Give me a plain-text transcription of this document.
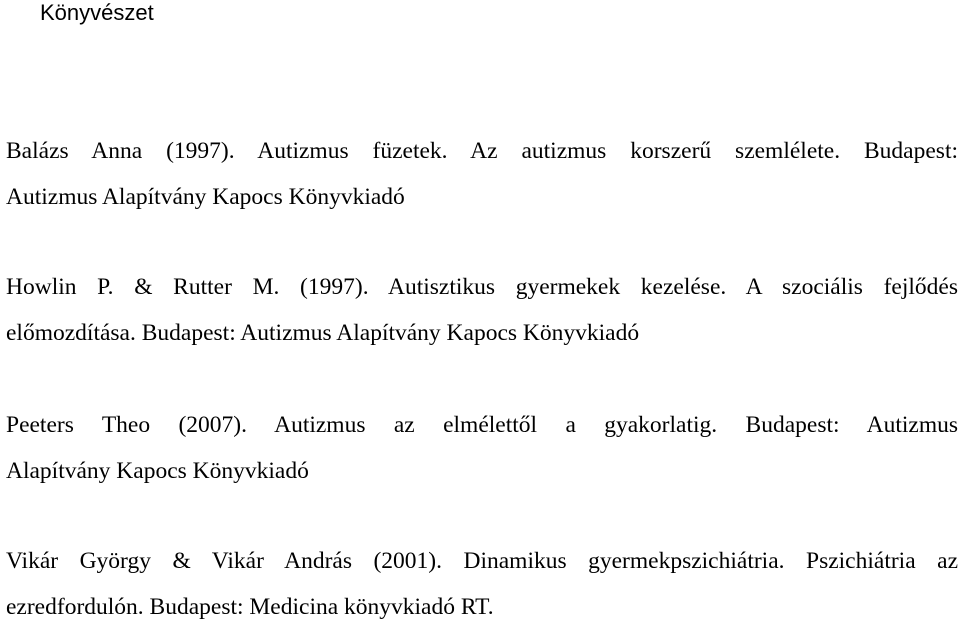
Könyvészet
Balázs Anna (1997). Autizmus füzetek. Az autizmus korszerű szemlélete. Budapest:
Autizmus Alapítvány Kapocs Könyvkiadó
Howlin P. & Rutter M. (1997). Autisztikus gyermekek kezelése. A szociális fejlődés
előmozdítása. Budapest: Autizmus Alapítvány Kapocs Könyvkiadó
Peeters Theo (2007). Autizmus az elmélettől a gyakorlatig. Budapest: Autizmus
Alapítvány Kapocs Könyvkiadó
Vikár György & Vikár András (2001). Dinamikus gyermekpszichiátria. Pszichiátria az
ezredfordulón. Budapest: Medicina könyvkiadó RT.
